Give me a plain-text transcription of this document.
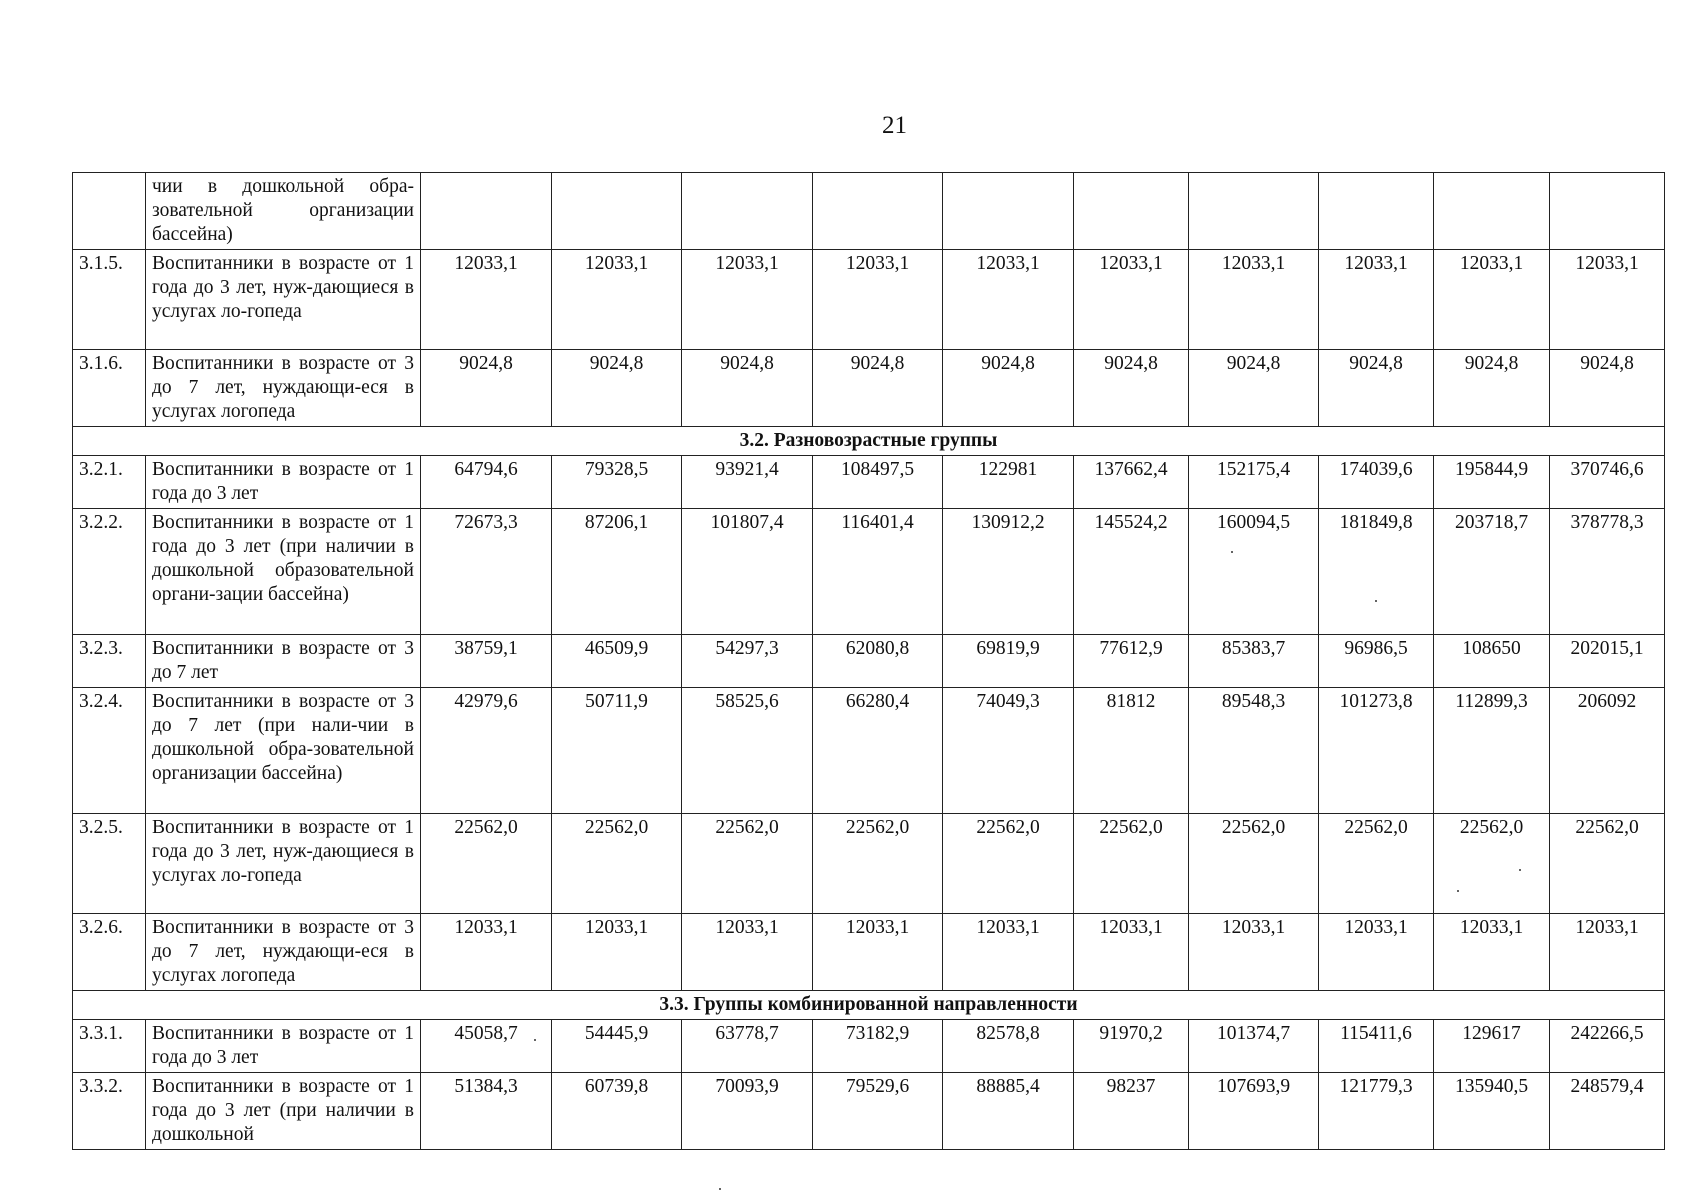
21
	чии в дошкольной обра-зовательной организации бассейна)										
3.1.5.	Воспитанники в возрасте от 1 года до 3 лет, нуж-дающиеся в услугах ло-гопеда	12033,1	12033,1	12033,1	12033,1	12033,1	12033,1	12033,1	12033,1	12033,1	12033,1
3.1.6.	Воспитанники в возрасте от 3 до 7 лет, нуждающи-еся в услугах логопеда	9024,8	9024,8	9024,8	9024,8	9024,8	9024,8	9024,8	9024,8	9024,8	9024,8
3.2. Разновозрастные группы											
3.2.1.	Воспитанники в возрасте от 1 года до 3 лет	64794,6	79328,5	93921,4	108497,5	122981	137662,4	152175,4	174039,6	195844,9	370746,6
3.2.2.	Воспитанники в возрасте от 1 года до 3 лет (при наличии в дошкольной образовательной органи-зации бассейна)	72673,3	87206,1	101807,4	116401,4	130912,2	145524,2	160094,5	181849,8	203718,7	378778,3
3.2.3.	Воспитанники в возрасте от 3 до 7 лет	38759,1	46509,9	54297,3	62080,8	69819,9	77612,9	85383,7	96986,5	108650	202015,1
3.2.4.	Воспитанники в возрасте от 3 до 7 лет (при нали-чии в дошкольной обра-зовательной организации бассейна)	42979,6	50711,9	58525,6	66280,4	74049,3	81812	89548,3	101273,8	112899,3	206092
3.2.5.	Воспитанники в возрасте от 1 года до 3 лет, нуж-дающиеся в услугах ло-гопеда	22562,0	22562,0	22562,0	22562,0	22562,0	22562,0	22562,0	22562,0	22562,0	22562,0
3.2.6.	Воспитанники в возрасте от 3 до 7 лет, нуждающи-еся в услугах логопеда	12033,1	12033,1	12033,1	12033,1	12033,1	12033,1	12033,1	12033,1	12033,1	12033,1
3.3. Группы комбинированной направленности											
3.3.1.	Воспитанники в возрасте от 1 года до 3 лет	45058,7	54445,9	63778,7	73182,9	82578,8	91970,2	101374,7	115411,6	129617	242266,5
3.3.2.	Воспитанники в возрасте от 1 года до 3 лет (при наличии в дошкольной	51384,3	60739,8	70093,9	79529,6	88885,4	98237	107693,9	121779,3	135940,5	248579,4
